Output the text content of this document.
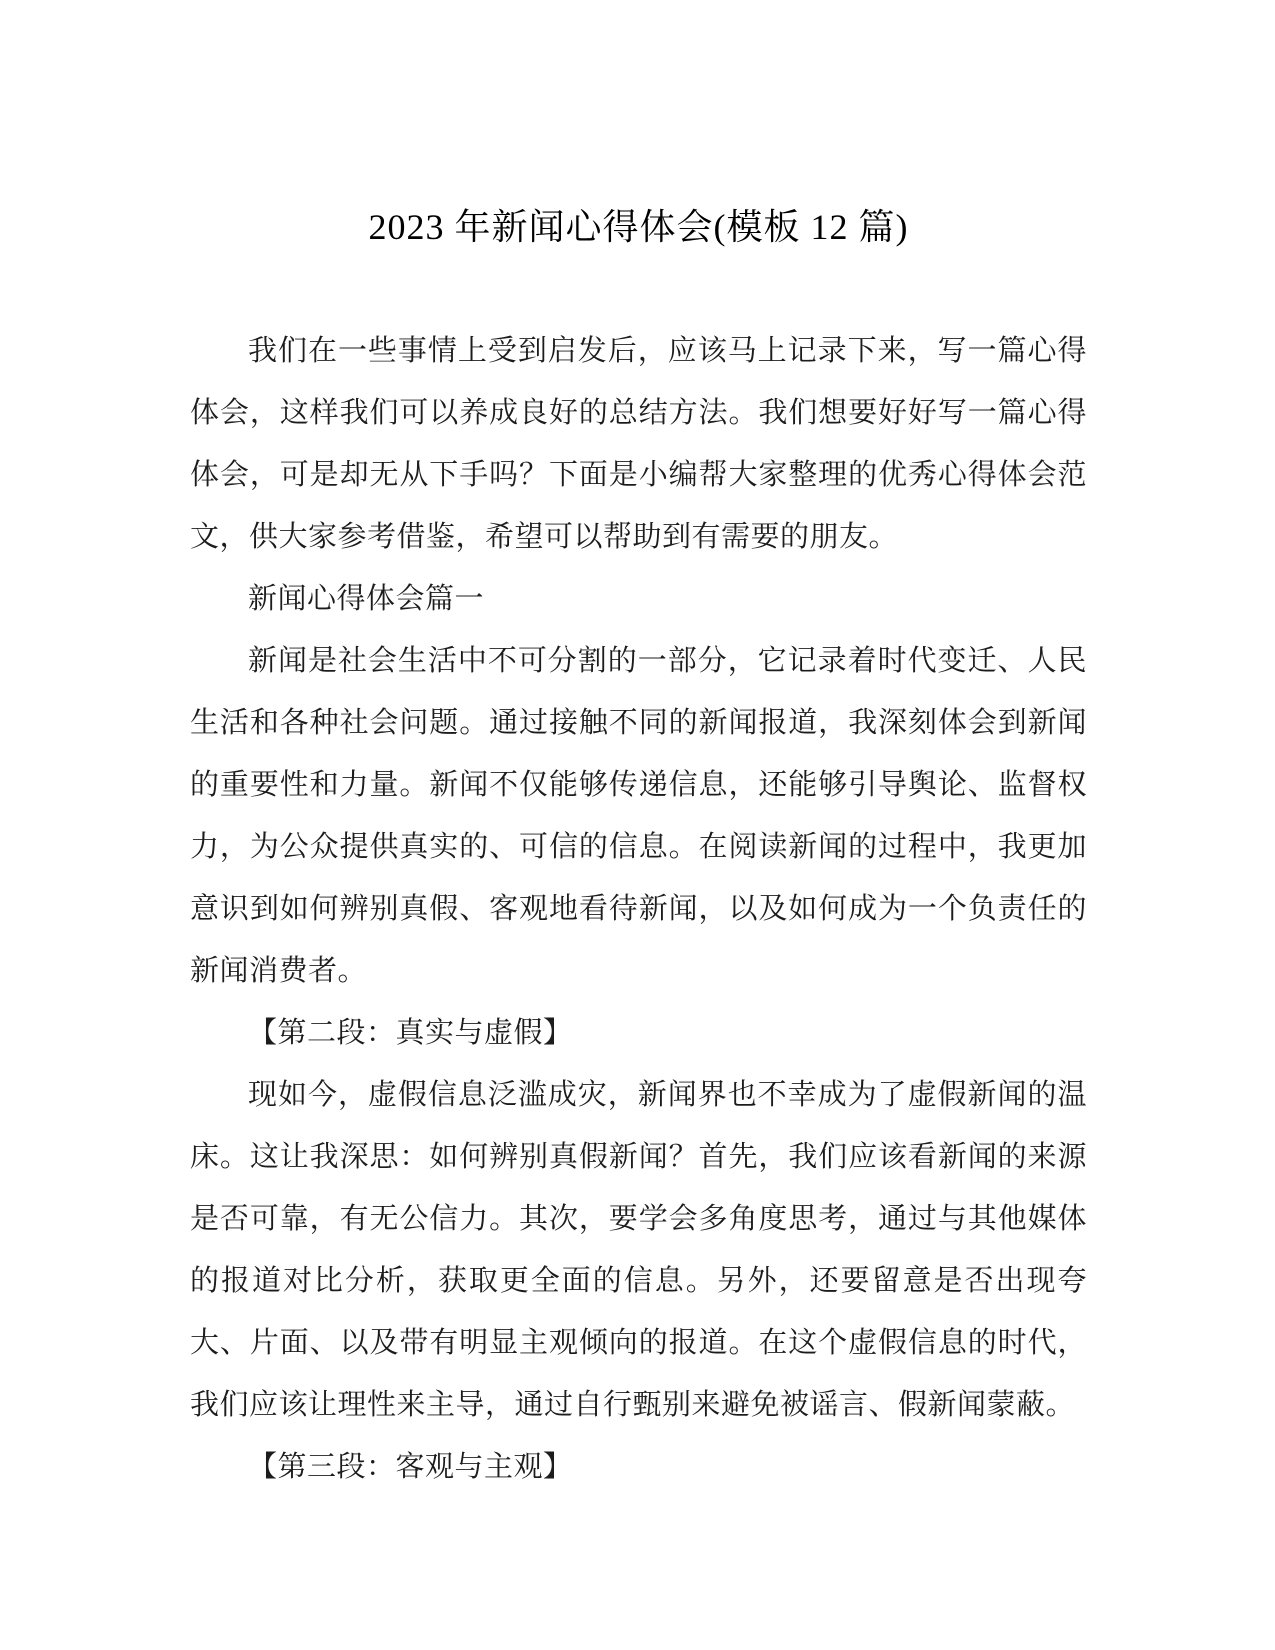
2023 年新闻心得体会(模板 12 篇)

我们在一些事情上受到启发后，应该马上记录下来，写一篇心得体会，这样我们可以养成良好的总结方法。我们想要好好写一篇心得体会，可是却无从下手吗？下面是小编帮大家整理的优秀心得体会范文，供大家参考借鉴，希望可以帮助到有需要的朋友。

新闻心得体会篇一

新闻是社会生活中不可分割的一部分，它记录着时代变迁、人民生活和各种社会问题。通过接触不同的新闻报道，我深刻体会到新闻的重要性和力量。新闻不仅能够传递信息，还能够引导舆论、监督权力，为公众提供真实的、可信的信息。在阅读新闻的过程中，我更加意识到如何辨别真假、客观地看待新闻，以及如何成为一个负责任的新闻消费者。

【第二段：真实与虚假】

现如今，虚假信息泛滥成灾，新闻界也不幸成为了虚假新闻的温床。这让我深思：如何辨别真假新闻？首先，我们应该看新闻的来源是否可靠，有无公信力。其次，要学会多角度思考，通过与其他媒体的报道对比分析，获取更全面的信息。另外，还要留意是否出现夸大、片面、以及带有明显主观倾向的报道。在这个虚假信息的时代，我们应该让理性来主导，通过自行甄别来避免被谣言、假新闻蒙蔽。

【第三段：客观与主观】
